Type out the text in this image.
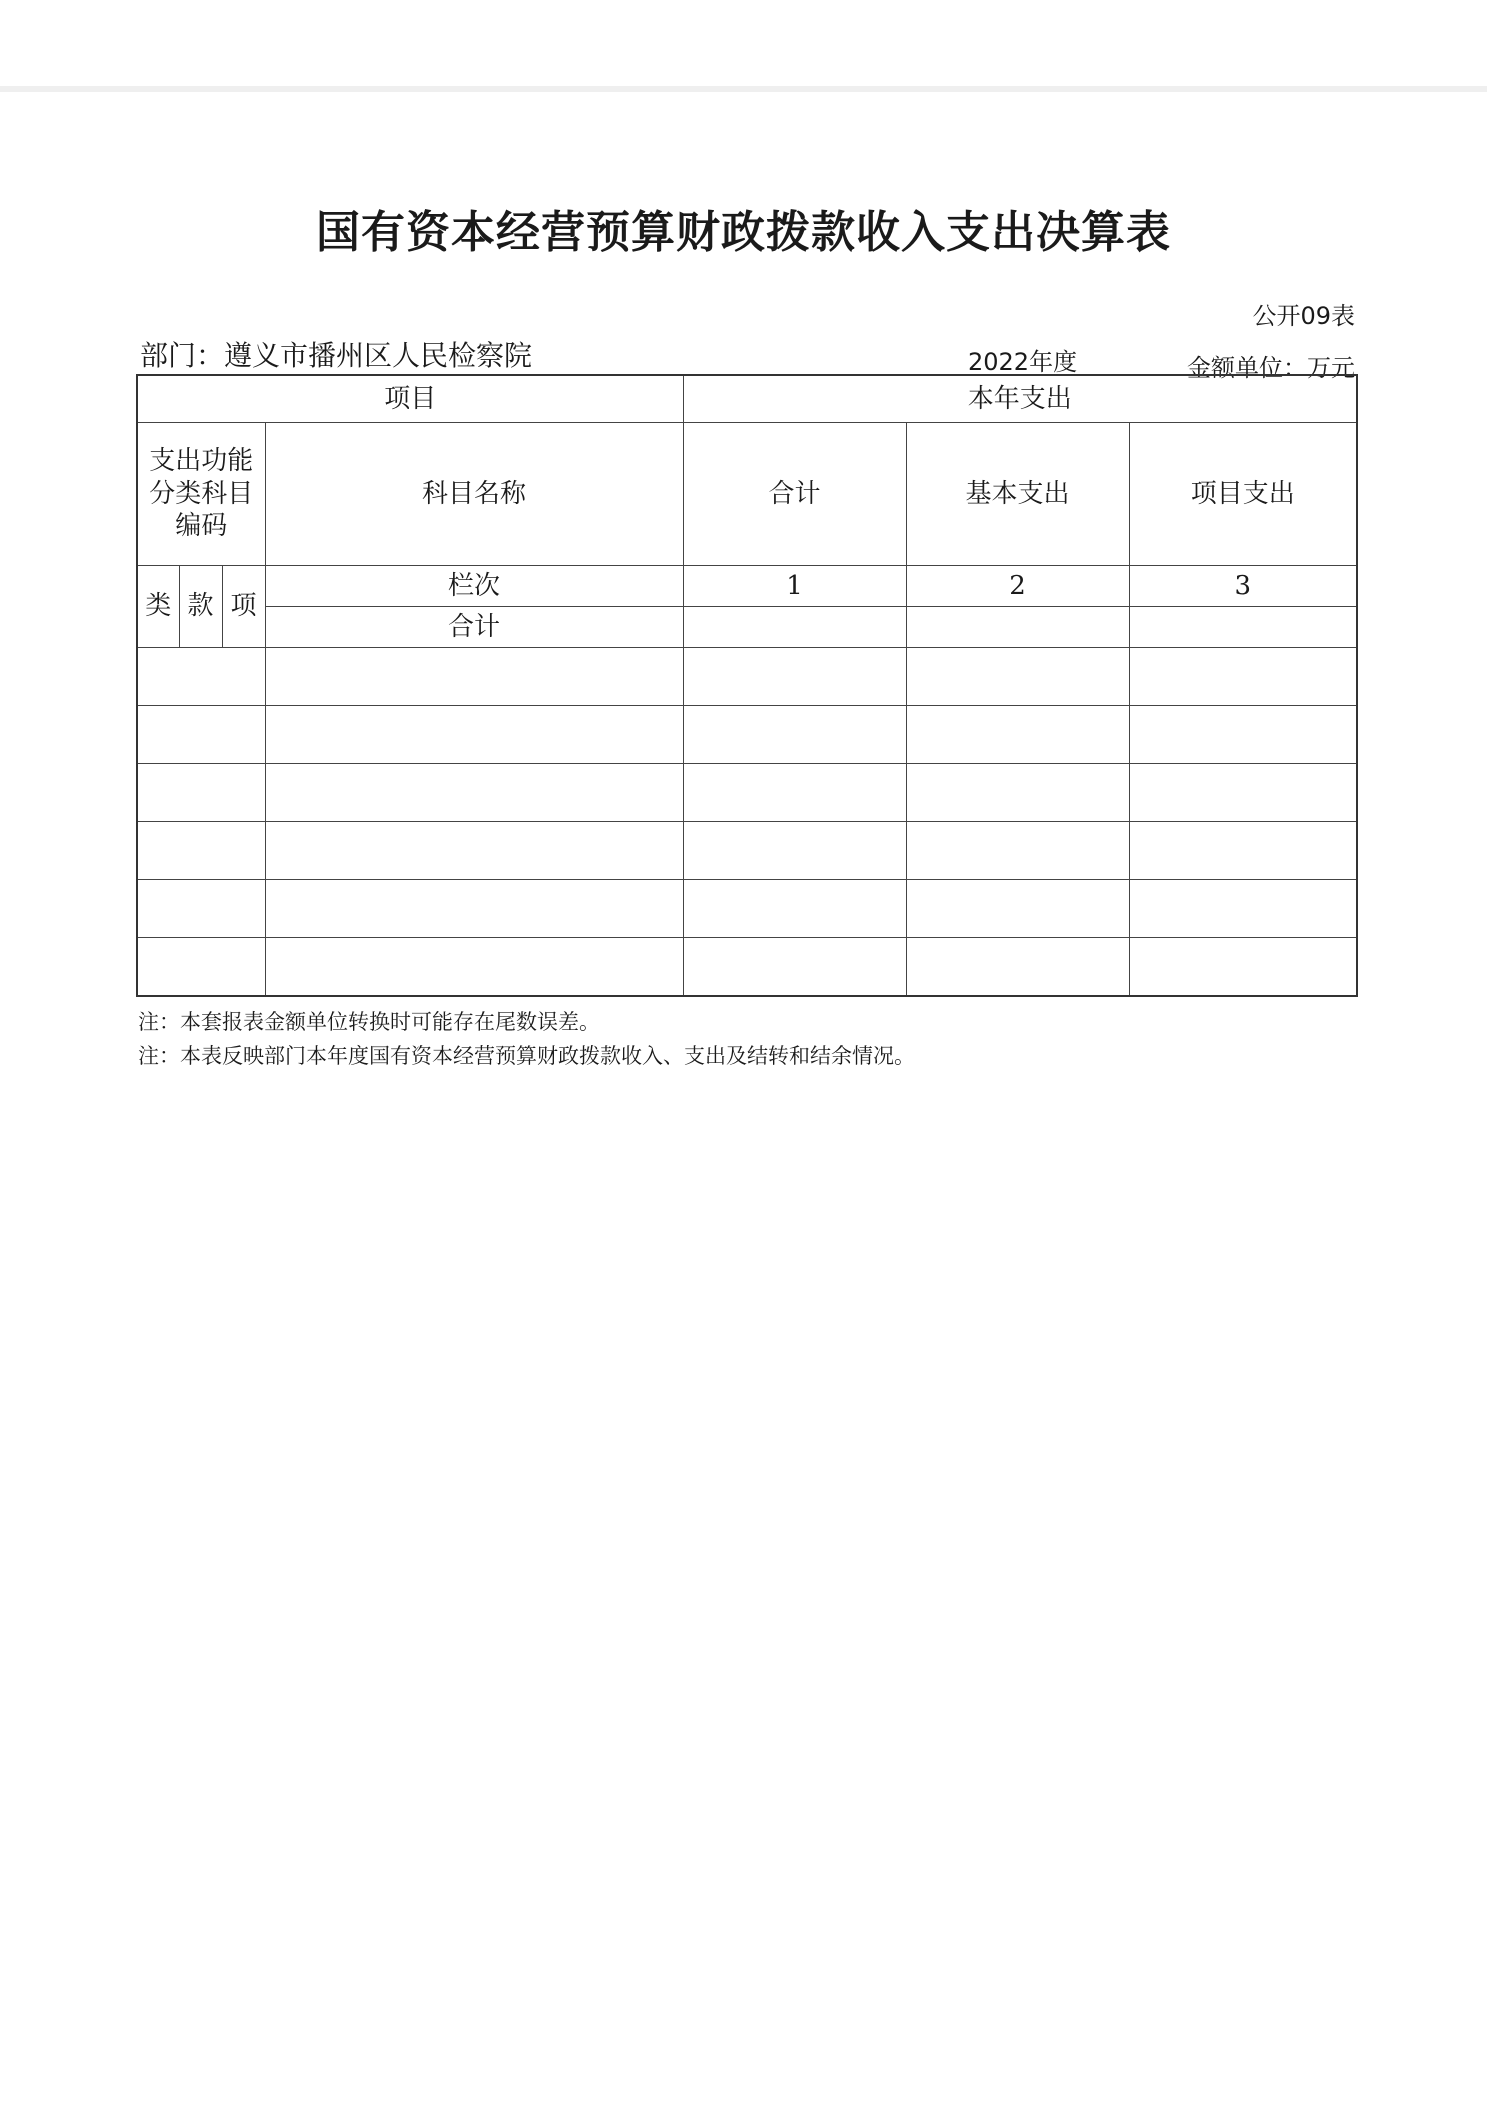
国有资本经营预算财政拨款收入支出决算表
公开09表
部门：遵义市播州区人民检察院	2022年度	金额单位：万元
项目				本年支出		
支出功能分类科目编码			科目名称	合计	基本支出	项目支出
类	款	项	栏次	1	2	3
			合计			

注：本套报表金额单位转换时可能存在尾数误差。
注：本表反映部门本年度国有资本经营预算财政拨款收入、支出及结转和结余情况。
